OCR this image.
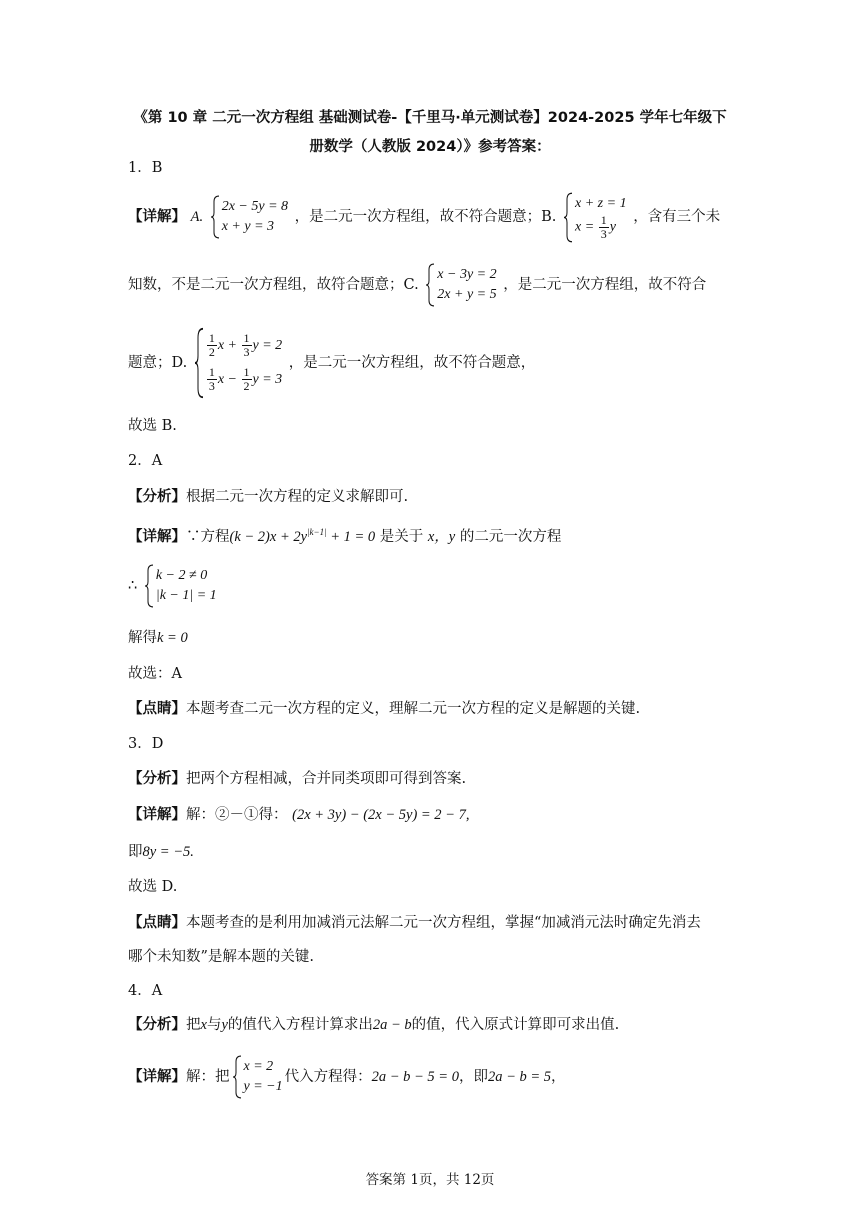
《第 10 章 二元一次方程组 基础测试卷-【千里马·单元测试卷】2024-2025 学年七年级下
册数学（人教版 2024）》参考答案：
1．B
【详解】 A.
2x − 5y = 8
x + y = 3
，是二元一次方程组，故不符合题意；B.
x + z = 1
$x = \frac{1}{3}$ y
，含有三个未
知数，不是二元一次方程组，故符合题意；C.
x − 3y = 2
2x + y = 5
，是二元一次方程组，故不符合
题意；D.
$\frac{1}{2}$ $x + \frac{1}{3}$ y = 2
$\frac{1}{3}$ $x - \frac{1}{2}$ y = 3
，是二元一次方程组，故不符合题意，
故选 B.
2．A
【分析】根据二元一次方程的定义求解即可.
【详解】∵方程$(k - 2)x + 2y^{|k-1|} + 1 = 0$ 是关于 x，y 的二元一次方程
∴
k − 2 ≠ 0
|k − 1| = 1
解得k = 0
故选：A
【点睛】本题考查二元一次方程的定义，理解二元一次方程的定义是解题的关键.
3．D
【分析】把两个方程相减，合并同类项即可得到答案.
【详解】解：②－①得： (2x + 3y) − (2x − 5y) = 2 − 7,
即8y = −5.
故选 D.
【点睛】本题考查的是利用加减消元法解二元一次方程组，掌握“加减消元法时确定先消去
哪个未知数”是解本题的关键.
4．A
【分析】把x与y的值代入方程计算求出2a − b的值，代入原式计算即可求出值.
【详解】解：把
x = 2
y = −1
代入方程得：2a − b − 5 = 0，即2a − b = 5，
答案第 1页，共 12页
